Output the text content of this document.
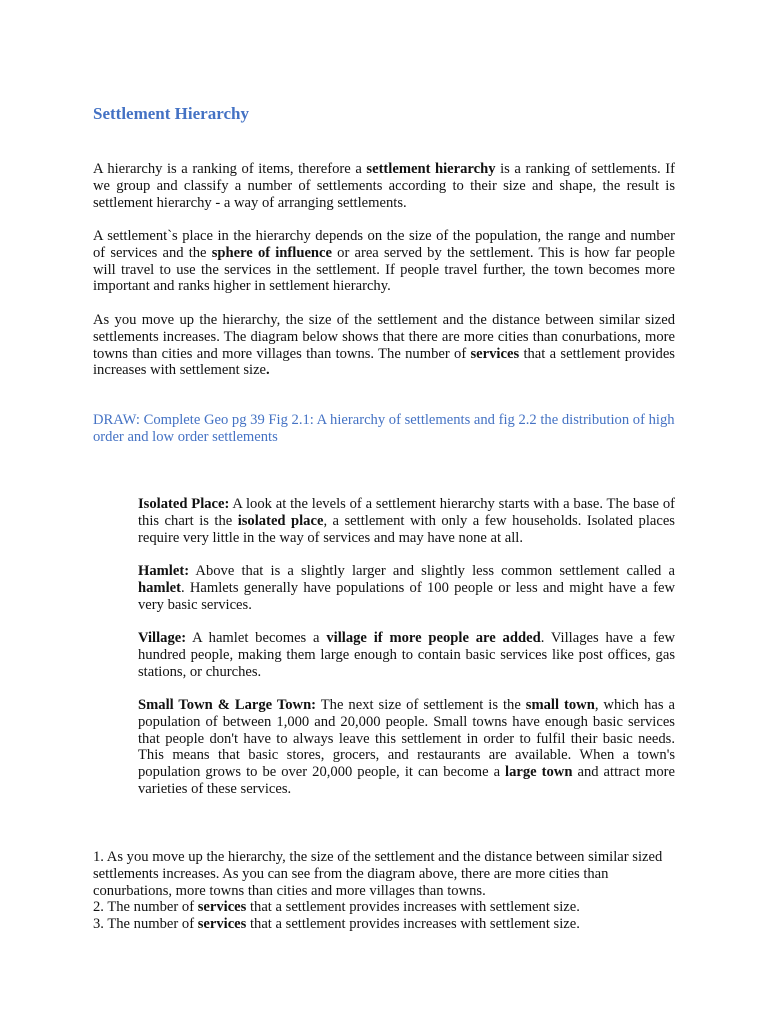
Settlement Hierarchy

A hierarchy is a ranking of items, therefore a settlement hierarchy is a ranking of settlements. If we group and classify a number of settlements according to their size and shape, the result is settlement hierarchy - a way of arranging settlements.

A settlement`s place in the hierarchy depends on the size of the population, the range and number of services and the sphere of influence or area served by the settlement. This is how far people will travel to use the services in the settlement. If people travel further, the town becomes more important and ranks higher in settlement hierarchy.

As you move up the hierarchy, the size of the settlement and the distance between similar sized settlements increases. The diagram below shows that there are more cities than conurbations, more towns than cities and more villages than towns. The number of services that a settlement provides increases with settlement size.

DRAW: Complete Geo pg 39 Fig 2.1: A hierarchy of settlements and fig 2.2 the distribution of high order and low order settlements

Isolated Place: A look at the levels of a settlement hierarchy starts with a base. The base of this chart is the isolated place, a settlement with only a few households. Isolated places require very little in the way of services and may have none at all.

Hamlet: Above that is a slightly larger and slightly less common settlement called a hamlet. Hamlets generally have populations of 100 people or less and might have a few very basic services.

Village: A hamlet becomes a village if more people are added. Villages have a few hundred people, making them large enough to contain basic services like post offices, gas stations, or churches.

Small Town & Large Town: The next size of settlement is the small town, which has a population of between 1,000 and 20,000 people. Small towns have enough basic services that people don't have to always leave this settlement in order to fulfil their basic needs. This means that basic stores, grocers, and restaurants are available. When a town's population grows to be over 20,000 people, it can become a large town and attract more varieties of these services.

1. As you move up the hierarchy, the size of the settlement and the distance between similar sized settlements increases. As you can see from the diagram above, there are more cities than conurbations, more towns than cities and more villages than towns.
2. The number of services that a settlement provides increases with settlement size.
3. The number of services that a settlement provides increases with settlement size.
